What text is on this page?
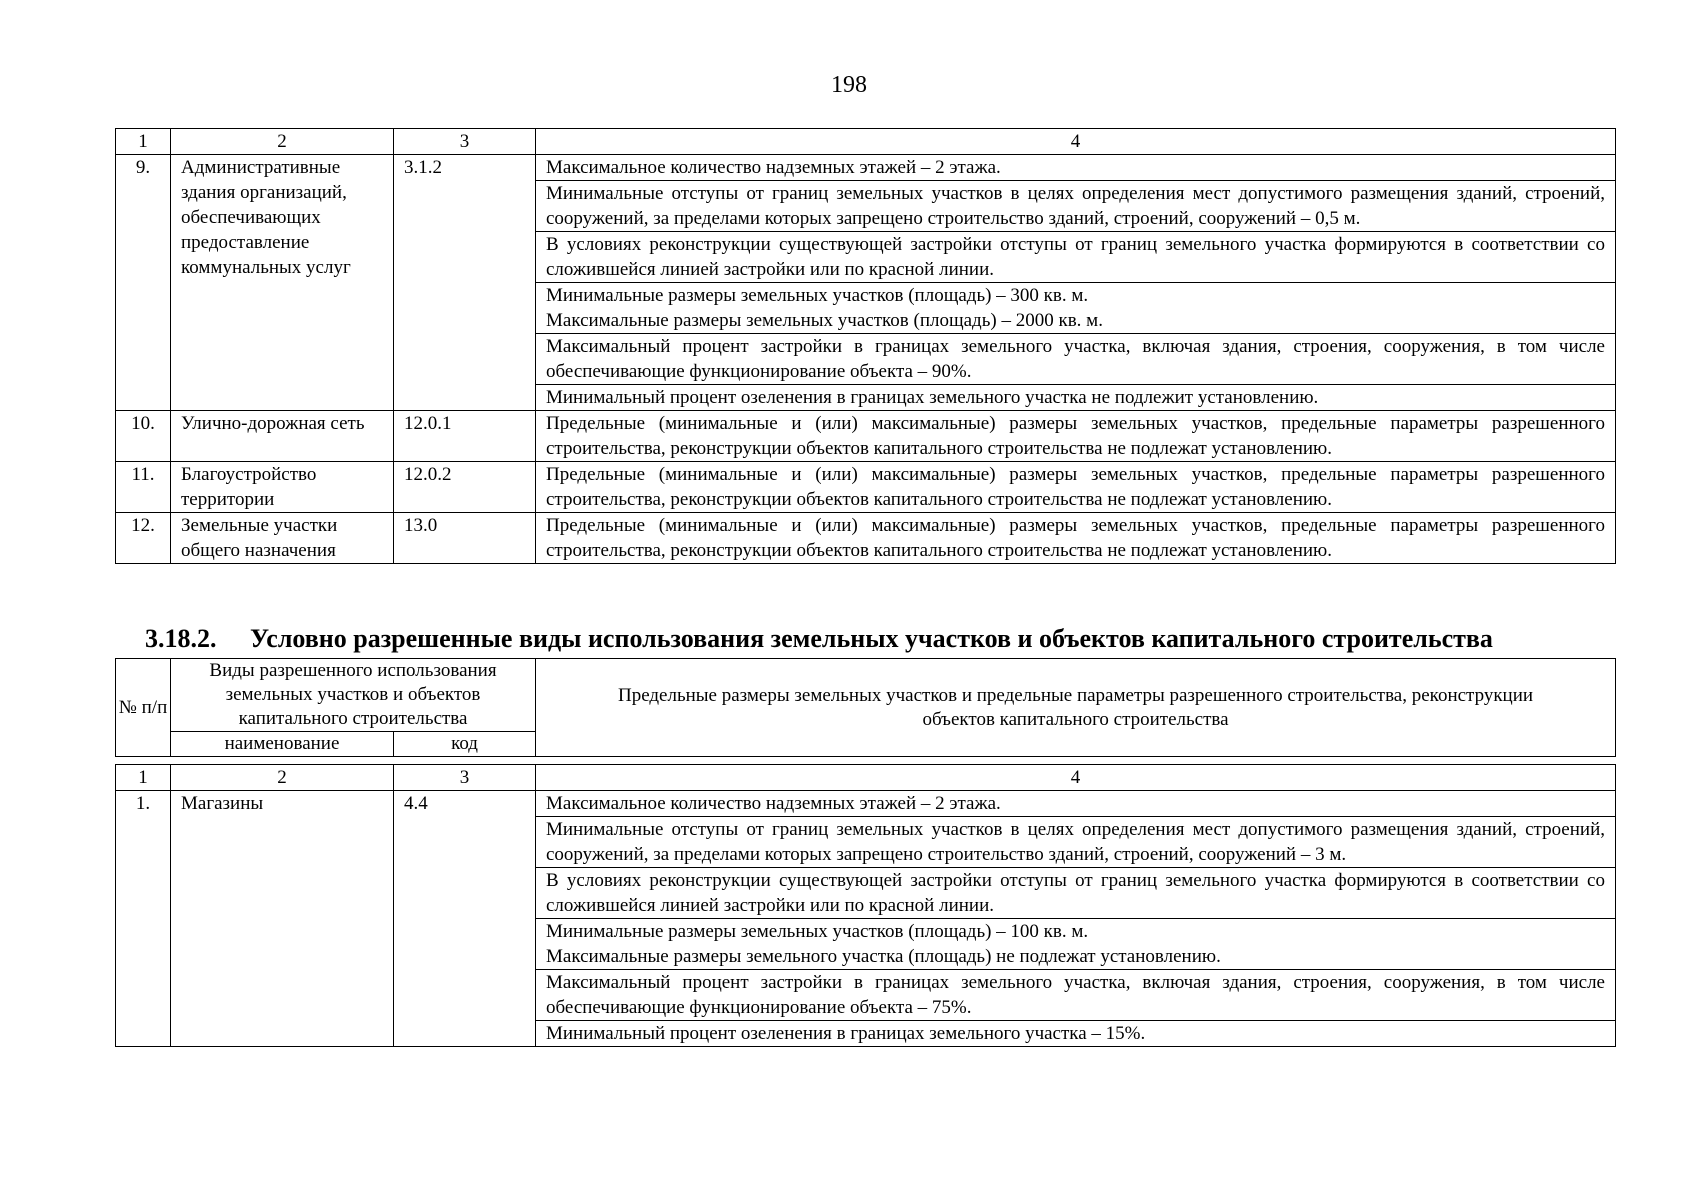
198
1	2	3	4
9.	Административные здания организаций, обеспечивающих предоставление коммунальных услуг	3.1.2	Максимальное количество надземных этажей – 2 этажа.
			Минимальные отступы от границ земельных участков в целях определения мест допустимого размещения зданий, строений, сооружений, за пределами которых запрещено строительство зданий, строений, сооружений – 0,5 м.
			В условиях реконструкции существующей застройки отступы от границ земельного участка формируются в соответствии со сложившейся линией застройки или по красной линии.
			Минимальные размеры земельных участков (площадь) – 300 кв. м.
			Максимальные размеры земельных участков (площадь) – 2000 кв. м.
			Максимальный процент застройки в границах земельного участка, включая здания, строения, сооружения, в том числе обеспечивающие функционирование объекта – 90%.
			Минимальный процент озеленения в границах земельного участка не подлежит установлению.
10.	Улично-дорожная сеть	12.0.1	Предельные (минимальные и (или) максимальные) размеры земельных участков, предельные параметры разрешенного строительства, реконструкции объектов капитального строительства не подлежат установлению.
11.	Благоустройство территории	12.0.2	Предельные (минимальные и (или) максимальные) размеры земельных участков, предельные параметры разрешенного строительства, реконструкции объектов капитального строительства не подлежат установлению.
12.	Земельные участки общего назначения	13.0	Предельные (минимальные и (или) максимальные) размеры земельных участков, предельные параметры разрешенного строительства, реконструкции объектов капитального строительства не подлежат установлению.
3.18.2. Условно разрешенные виды использования земельных участков и объектов капитального строительства
№ п/п	Виды разрешенного использования земельных участков и объектов капитального строительства		Предельные размеры земельных участков и предельные параметры разрешенного строительства, реконструкции объектов капитального строительства
	наименование	код	
1	2	3	4
1.	Магазины	4.4	Максимальное количество надземных этажей – 2 этажа.
			Минимальные отступы от границ земельных участков в целях определения мест допустимого размещения зданий, строений, сооружений, за пределами которых запрещено строительство зданий, строений, сооружений – 3 м.
			В условиях реконструкции существующей застройки отступы от границ земельного участка формируются в соответствии со сложившейся линией застройки или по красной линии.
			Минимальные размеры земельных участков (площадь) – 100 кв. м.
			Максимальные размеры земельного участка (площадь) не подлежат установлению.
			Максимальный процент застройки в границах земельного участка, включая здания, строения, сооружения, в том числе обеспечивающие функционирование объекта – 75%.
			Минимальный процент озеленения в границах земельного участка – 15%.
